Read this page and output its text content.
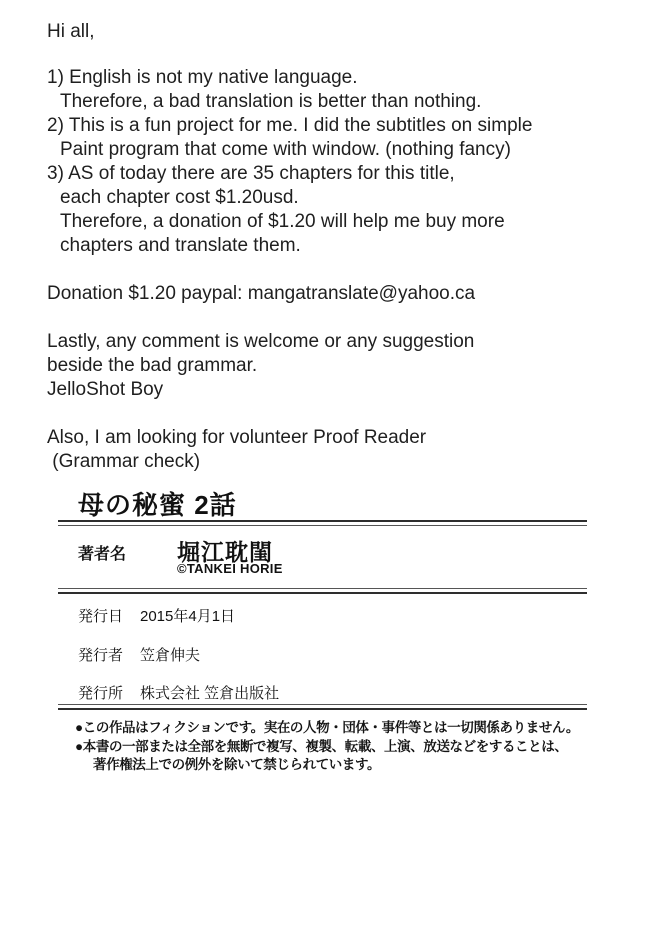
Hi all,
1) English is not my native language.
Therefore, a bad translation is better than nothing.
2) This is a fun project for me. I did the subtitles on simple
Paint program that come with window. (nothing fancy)
3) AS of today there are 35 chapters for this title,
each chapter cost $1.20usd.
Therefore, a donation of $1.20 will help me buy more
chapters and translate them.
Donation $1.20 paypal: mangatranslate@yahoo.ca
Lastly, any comment is welcome or any suggestion
beside the bad grammar.
JelloShot Boy
Also, I am looking for volunteer Proof Reader
(Grammar check)
母の秘蜜 2話
著者名 堀江耽閨
©TANKEI HORIE
発行日 2015年4月1日
発行者 笠倉伸夫
発行所 株式会社 笠倉出版社
●この作品はフィクションです。実在の人物・団体・事件等とは一切関係ありません。
●本書の一部または全部を無断で複写、複製、転載、上演、放送などをすることは、
著作権法上での例外を除いて禁じられています。
